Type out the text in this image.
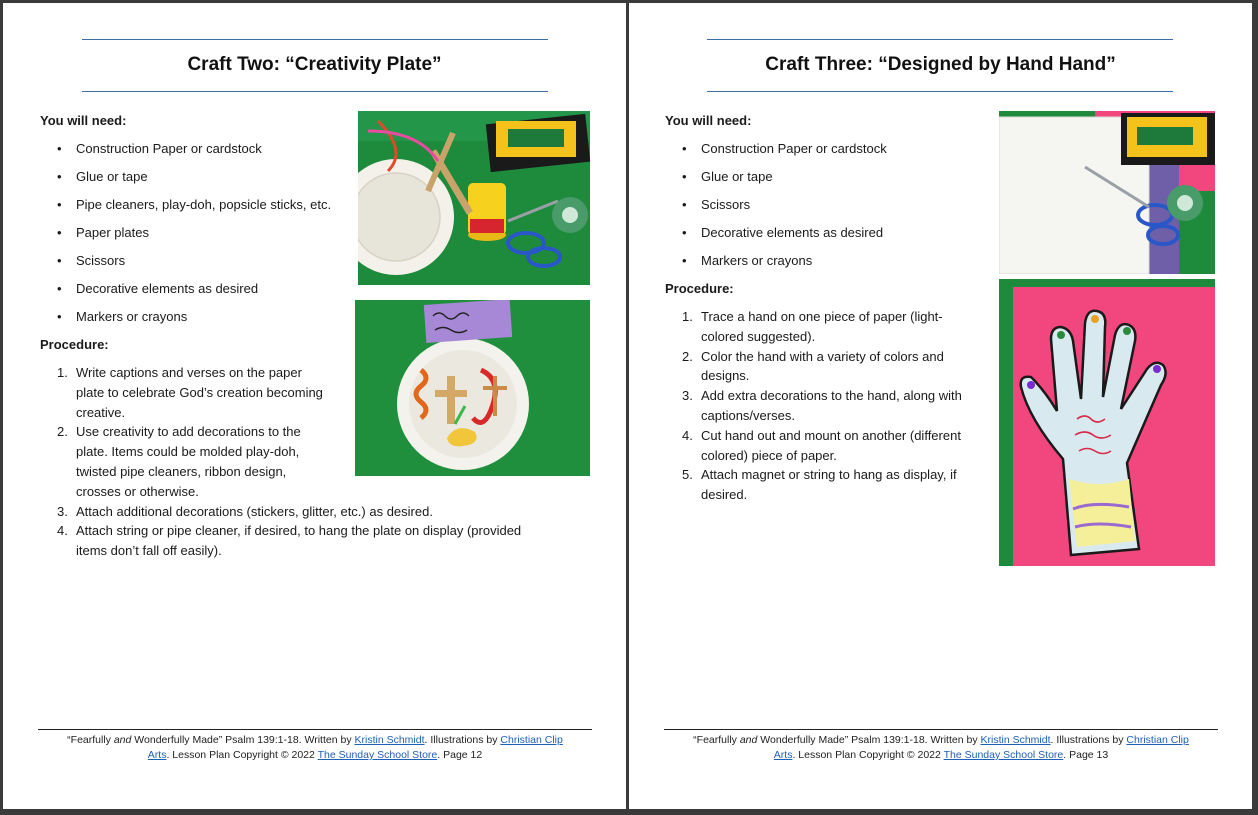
Craft Two: “Creativity Plate”
You will need:
• Construction Paper or cardstock
• Glue or tape
• Pipe cleaners, play-doh, popsicle sticks, etc.
• Paper plates
• Scissors
• Decorative elements as desired
• Markers or crayons
Procedure:
1. Write captions and verses on the paper
plate to celebrate God’s creation becoming
creative.
2. Use creativity to add decorations to the
plate. Items could be molded play-doh,
twisted pipe cleaners, ribbon design,
crosses or otherwise.
3. Attach additional decorations (stickers, glitter, etc.) as desired.
4. Attach string or pipe cleaner, if desired, to hang the plate on display (provided
items don’t fall off easily).
“Fearfully and Wonderfully Made” Psalm 139:1-18. Written by Kristin Schmidt. Illustrations by Christian Clip
Arts. Lesson Plan Copyright © 2022 The Sunday School Store. Page 12
Craft Three: “Designed by Hand Hand”
You will need:
• Construction Paper or cardstock
• Glue or tape
• Scissors
• Decorative elements as desired
• Markers or crayons
Procedure:
1. Trace a hand on one piece of paper (light-
colored suggested).
2. Color the hand with a variety of colors and
designs.
3. Add extra decorations to the hand, along with
captions/verses.
4. Cut hand out and mount on another (different
colored) piece of paper.
5. Attach magnet or string to hang as display, if
desired.
“Fearfully and Wonderfully Made” Psalm 139:1-18. Written by Kristin Schmidt. Illustrations by Christian Clip
Arts. Lesson Plan Copyright © 2022 The Sunday School Store. Page 13
